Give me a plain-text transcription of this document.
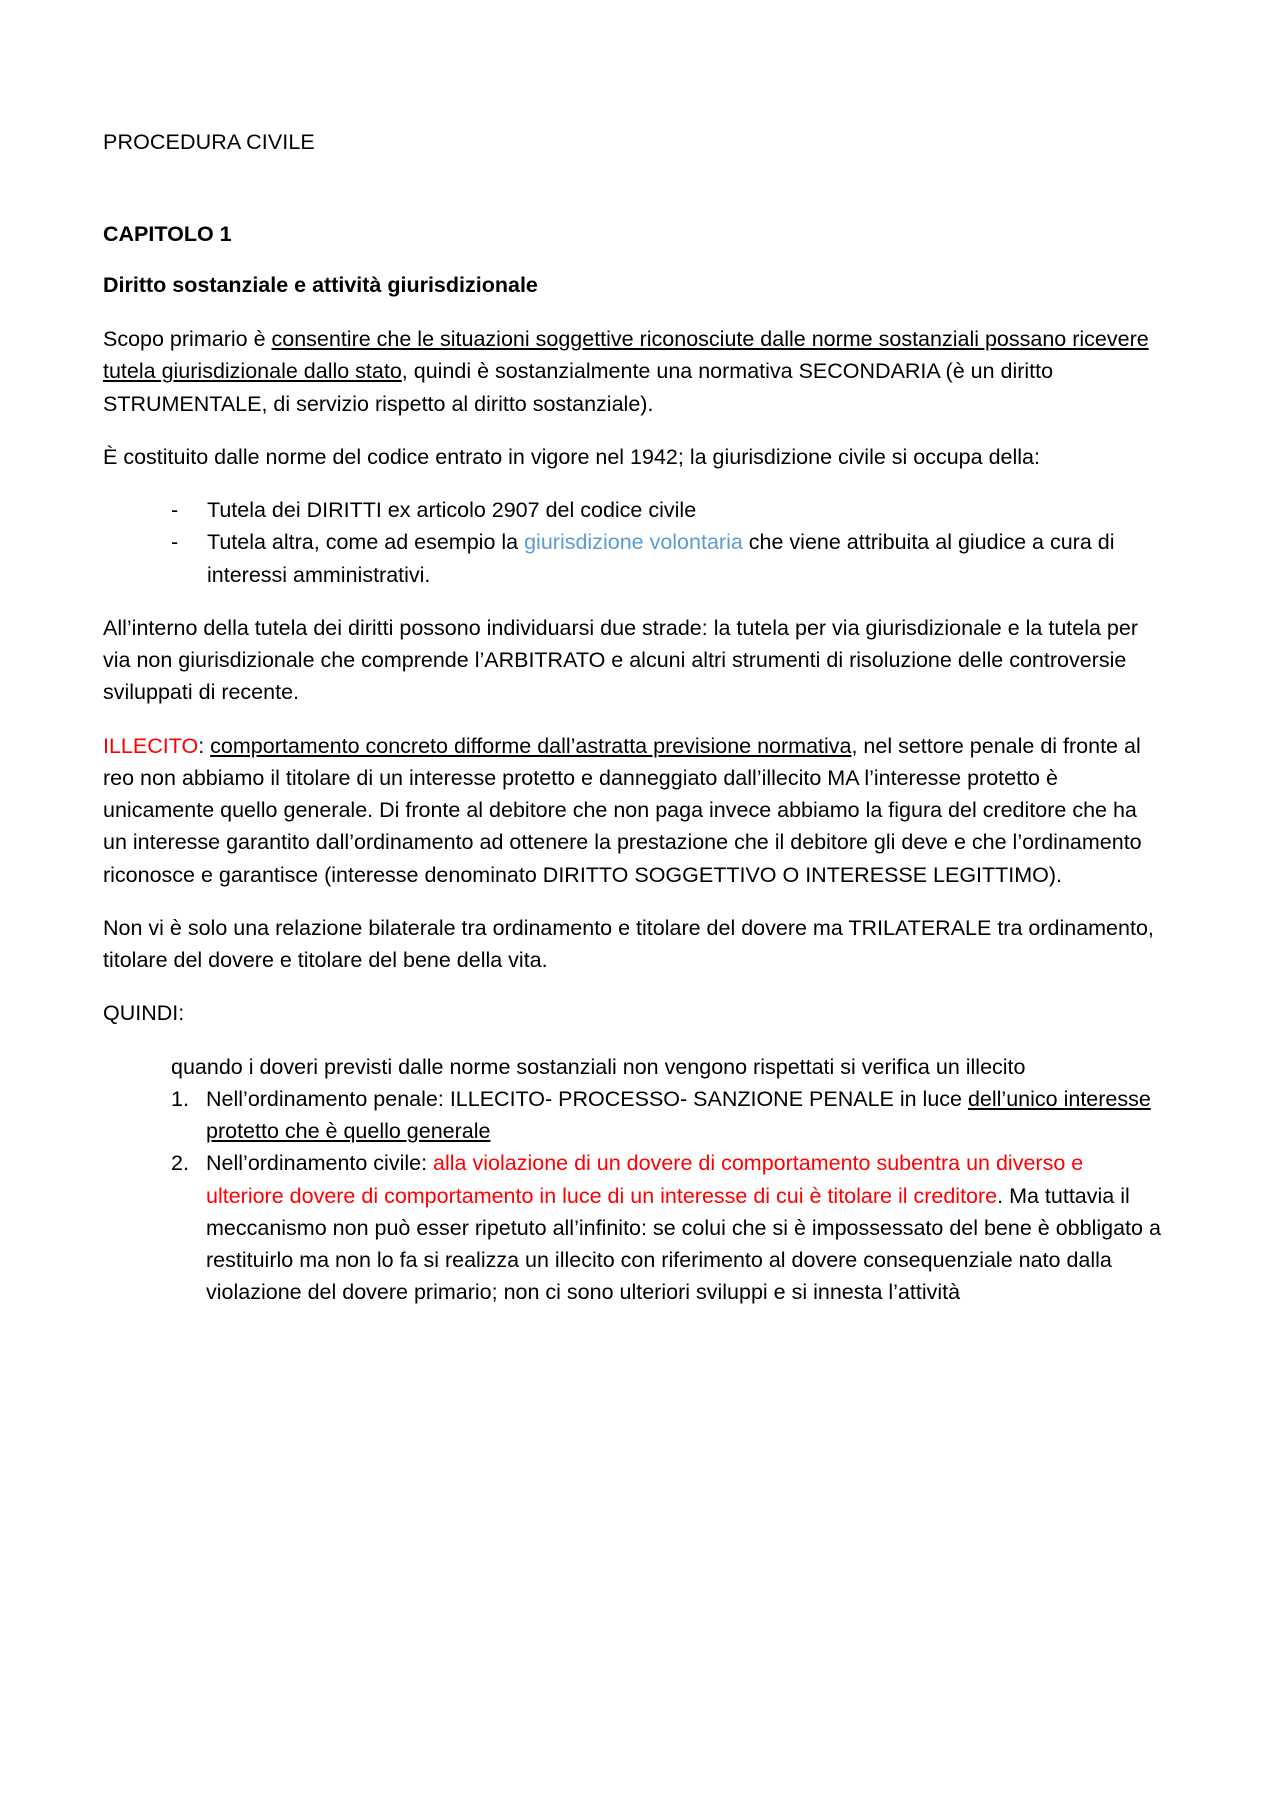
PROCEDURA CIVILE
CAPITOLO 1
Diritto sostanziale e attività giurisdizionale

Scopo primario è consentire che le situazioni soggettive riconosciute dalle norme sostanziali possano ricevere tutela giurisdizionale dallo stato, quindi è sostanzialmente una normativa SECONDARIA (è un diritto STRUMENTALE, di servizio rispetto al diritto sostanziale).

È costituito dalle norme del codice entrato in vigore nel 1942; la giurisdizione civile si occupa della:

- Tutela dei DIRITTI ex articolo 2907 del codice civile
- Tutela altra, come ad esempio la giurisdizione volontaria che viene attribuita al giudice a cura di interessi amministrativi.

All’interno della tutela dei diritti possono individuarsi due strade: la tutela per via giurisdizionale e la tutela per via non giurisdizionale che comprende l’ARBITRATO e alcuni altri strumenti di risoluzione delle controversie sviluppati di recente.

ILLECITO: comportamento concreto difforme dall’astratta previsione normativa, nel settore penale di fronte al reo non abbiamo il titolare di un interesse protetto e danneggiato dall’illecito MA l’interesse protetto è unicamente quello generale. Di fronte al debitore che non paga invece abbiamo la figura del creditore che ha un interesse garantito dall’ordinamento ad ottenere la prestazione che il debitore gli deve e che l’ordinamento riconosce e garantisce (interesse denominato DIRITTO SOGGETTIVO O INTERESSE LEGITTIMO).

Non vi è solo una relazione bilaterale tra ordinamento e titolare del dovere ma TRILATERALE tra ordinamento, titolare del dovere e titolare del bene della vita.

QUINDI:

quando i doveri previsti dalle norme sostanziali non vengono rispettati si verifica un illecito
Nell’ordinamento penale: ILLECITO- PROCESSO- SANZIONE PENALE in luce dell’unico interesse protetto che è quello generale
Nell’ordinamento civile: alla violazione di un dovere di comportamento subentra un diverso e ulteriore dovere di comportamento in luce di un interesse di cui è titolare il creditore. Ma tuttavia il meccanismo non può esser ripetuto all’infinito: se colui che si è impossessato del bene è obbligato a restituirlo ma non lo fa si realizza un illecito con riferimento al dovere consequenziale nato dalla violazione del dovere primario; non ci sono ulteriori sviluppi e si innesta l’attività
